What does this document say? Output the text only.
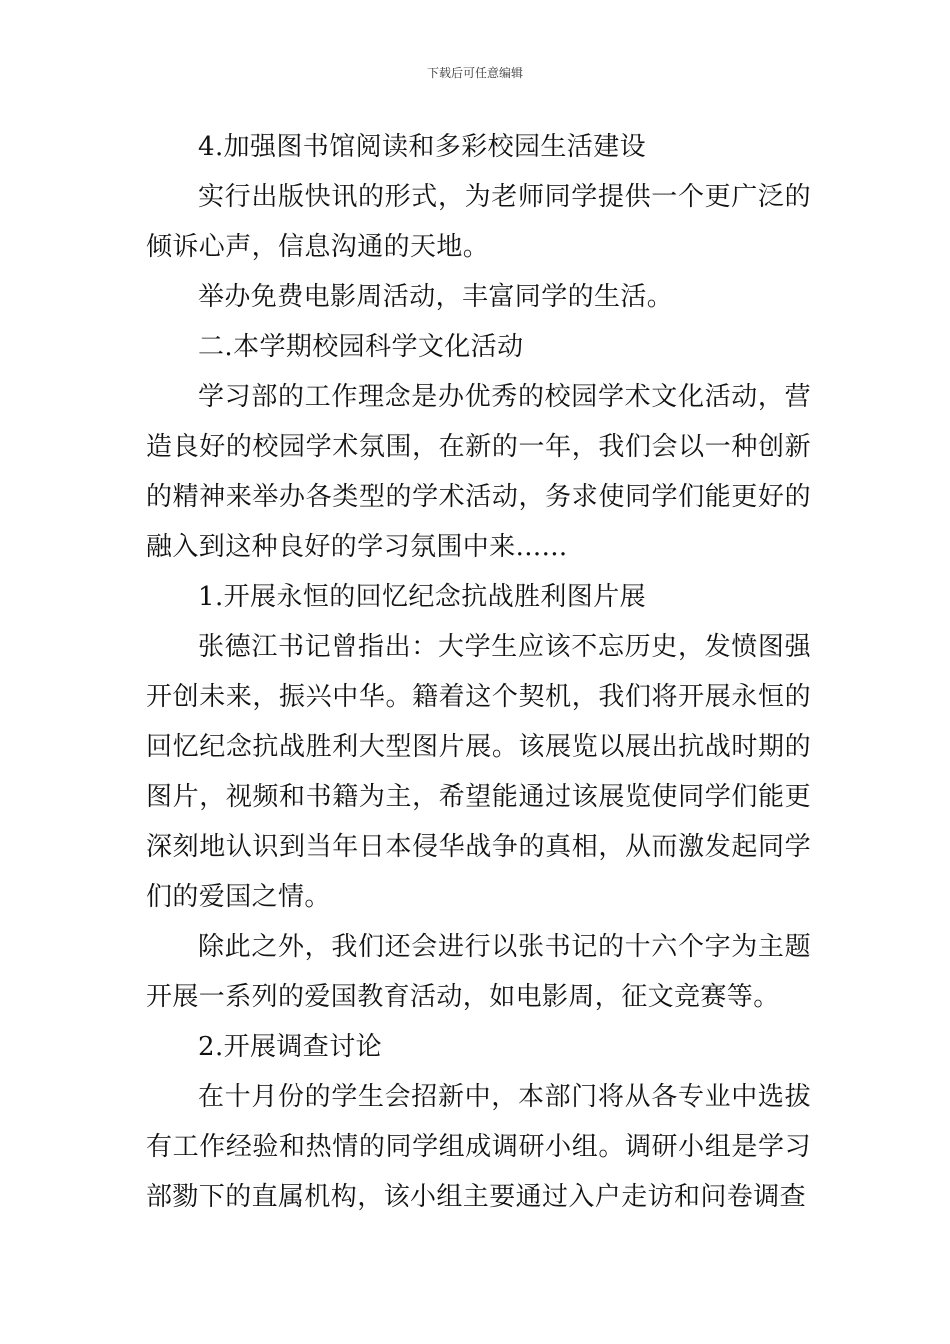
下载后可任意编辑

4.加强图书馆阅读和多彩校园生活建设

实行出版快讯的形式，为老师同学提供一个更广泛的倾诉心声，信息沟通的天地。

举办免费电影周活动，丰富同学的生活。

二.本学期校园科学文化活动

学习部的工作理念是办优秀的校园学术文化活动，营造良好的校园学术氛围，在新的一年，我们会以一种创新的精神来举办各类型的学术活动，务求使同学们能更好的融入到这种良好的学习氛围中来......

1.开展永恒的回忆纪念抗战胜利图片展

张德江书记曾指出：大学生应该不忘历史，发愤图强开创未来，振兴中华。籍着这个契机，我们将开展永恒的回忆纪念抗战胜利大型图片展。该展览以展出抗战时期的图片，视频和书籍为主，希望能通过该展览使同学们能更深刻地认识到当年日本侵华战争的真相，从而激发起同学们的爱国之情。

除此之外，我们还会进行以张书记的十六个字为主题开展一系列的爱国教育活动，如电影周，征文竞赛等。

2.开展调查讨论

在十月份的学生会招新中，本部门将从各专业中选拔有工作经验和热情的同学组成调研小组。调研小组是学习部勠下的直属机构，该小组主要通过入户走访和问卷调查
